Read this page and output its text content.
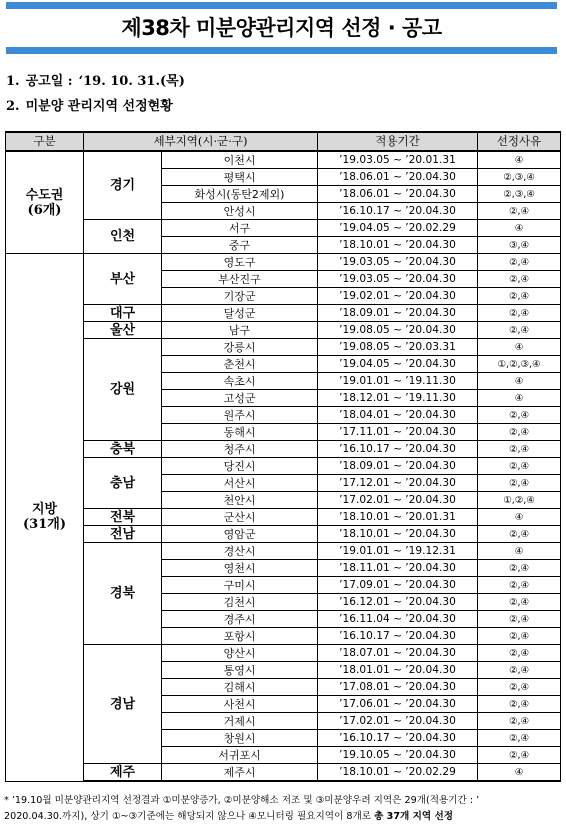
제38차 미분양관리지역 선정 · 공고
1. 공고일 : ‘19. 10. 31.(목)
2. 미분양 관리지역 선정현황
구분	세부지역(시·군·구)		적용기간	선정사유

수도권
(6개)	경기	이천시	’19.03.05 ~ ’20.01.31	④
		평택시	’18.06.01 ~ ’20.04.30	②,③,④
		화성시(동탄2제외)	’18.06.01 ~ ’20.04.30	②,③,④
		안성시	’16.10.17 ~ ’20.04.30	②,④
	인천	서구	’19.04.05 ~ ’20.02.29	④
		중구	’18.10.01 ~ ’20.04.30	③,④

지방
(31개)	부산	영도구	’19.03.05 ~ ’20.04.30	②,④
		부산진구	’19.03.05 ~ ’20.04.30	②,④
		기장군	’19.02.01 ~ ’20.04.30	②,④
	대구	달성군	’18.09.01 ~ ’20.04.30	②,④
	울산	남구	’19.08.05 ~ ’20.04.30	②,④
	강원	강릉시	’19.08.05 ~ ’20.03.31	④
		춘천시	’19.04.05 ~ ’20.04.30	①,②,③,④
		속초시	’19.01.01 ~ ’19.11.30	④
		고성군	’18.12.01 ~ ’19.11.30	④
		원주시	’18.04.01 ~ ’20.04.30	②,④
		동해시	’17.11.01 ~ ’20.04.30	②,④
	충북	청주시	’16.10.17 ~ ’20.04.30	②,④
	충남	당진시	’18.09.01 ~ ’20.04.30	②,④
		서산시	’17.12.01 ~ ’20.04.30	②,④
		천안시	’17.02.01 ~ ’20.04.30	①,②,④
	전북	군산시	’18.10.01 ~ ’20.01.31	④
	전남	영암군	’18.10.01 ~ ’20.04.30	②,④
	경북	경산시	’19.01.01 ~ ’19.12.31	④
		영천시	’18.11.01 ~ ’20.04.30	②,④
		구미시	’17.09.01 ~ ’20.04.30	②,④
		김천시	’16.12.01 ~ ’20.04.30	②,④
		경주시	’16.11.04 ~ ’20.04.30	②,④
		포항시	’16.10.17 ~ ’20.04.30	②,④
	경남	양산시	’18.07.01 ~ ’20.04.30	②,④
		통영시	’18.01.01 ~ ’20.04.30	②,④
		김해시	’17.08.01 ~ ’20.04.30	②,④
		사천시	’17.06.01 ~ ’20.04.30	②,④
		거제시	’17.02.01 ~ ’20.04.30	②,④
		창원시	’16.10.17 ~ ’20.04.30	②,④
		서귀포시	’19.10.05 ~ ’20.04.30	②,④
	제주	제주시	’18.10.01 ~ ’20.02.29	④
* ’19.10월 미분양관리지역 선정결과 ①미분양증가, ②미분양해소 저조 및 ③미분양우려 지역은 29개(적용기간 : ’
2020.04.30.까지), 상기 ①~③기준에는 해당되지 않으나 ④모니터링 필요지역이 8개로 총 37개 지역 선정
